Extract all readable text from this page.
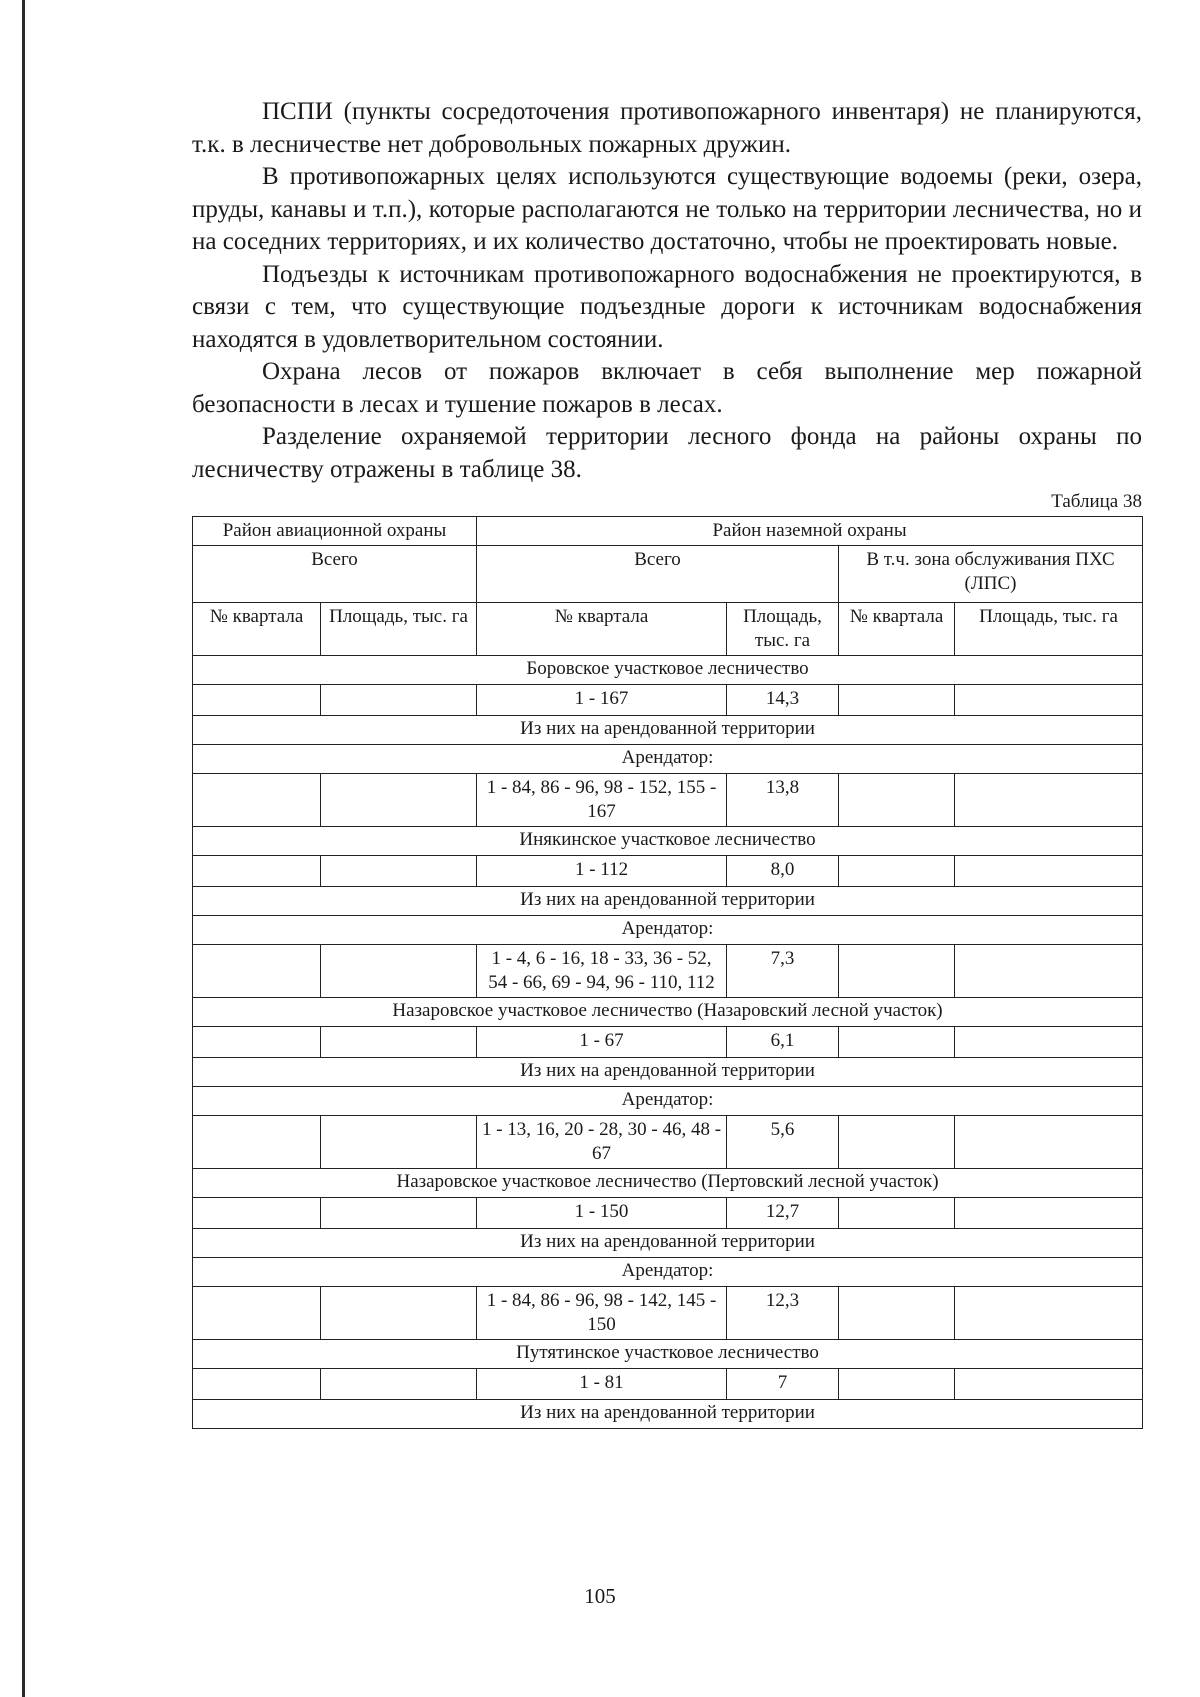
ПСПИ (пункты сосредоточения противопожарного инвентаря) не планируются, т.к. в лесничестве нет добровольных пожарных дружин.

В противопожарных целях используются существующие водоемы (реки, озера, пруды, канавы и т.п.), которые располагаются не только на территории лесничества, но и на соседних территориях, и их количество достаточно, чтобы не проектировать новые.

Подъезды к источникам противопожарного водоснабжения не проектируются, в связи с тем, что существующие подъездные дороги к источникам водоснабжения находятся в удовлетворительном состоянии.

Охрана лесов от пожаров включает в себя выполнение мер пожарной безопасности в лесах и тушение пожаров в лесах.

Разделение охраняемой территории лесного фонда на районы охраны по лесничеству отражены в таблице 38.

Таблица 38
Район авиационной охраны		Район наземной охраны			
Всего		Всего		В т.ч. зона обслуживания ПХС (ЛПС)	
№ квартала	Площадь, тыс. га	№ квартала	Площадь, тыс. га	№ квартала	Площадь, тыс. га
Боровское участковое лесничество					
		1 - 167	14,3		
Из них на арендованной территории					
Арендатор:					
		1 - 84, 86 - 96, 98 - 152, 155 - 167	13,8		
Инякинское участковое лесничество					
		1 - 112	8,0		
Из них на арендованной территории					
Арендатор:					
		1 - 4, 6 - 16, 18 - 33, 36 - 52, 54 - 66, 69 - 94, 96 - 110, 112	7,3		
Назаровское участковое лесничество (Назаровский лесной участок)					
		1 - 67	6,1		
Из них на арендованной территории					
Арендатор:					
		1 - 13, 16, 20 - 28, 30 - 46, 48 - 67	5,6		
Назаровское участковое лесничество (Пертовский лесной участок)					
		1 - 150	12,7		
Из них на арендованной территории					
Арендатор:					
		1 - 84, 86 - 96, 98 - 142, 145 - 150	12,3		
Путятинское участковое лесничество					
		1 - 81	7		
Из них на арендованной территории					
105
